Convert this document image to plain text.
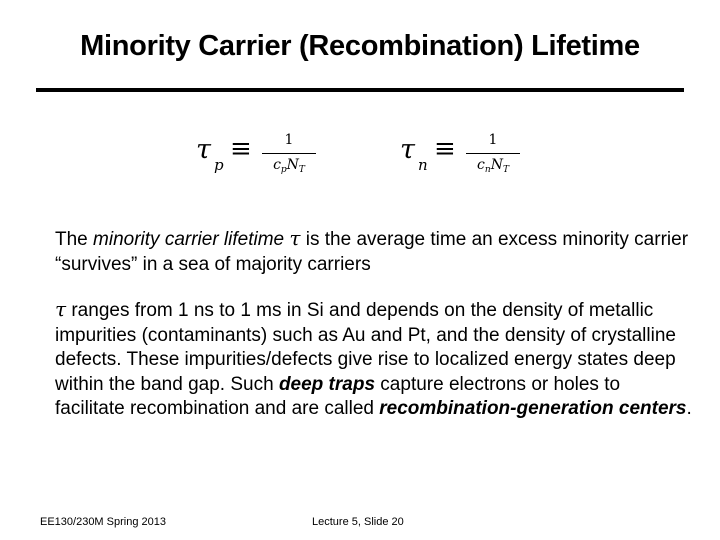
Minority Carrier (Recombination) Lifetime
τ p
≡	1
$c_pN_T$
τ n
≡	1
$c_nN_T$
The minority carrier lifetime τ is the average time an excess minority carrier “survives” in a sea of majority carriers
τ ranges from 1 ns to 1 ms in Si and depends on the density of metallic impurities (contaminants) such as Au and Pt, and the density of crystalline defects. These impurities/defects give rise to localized energy states deep within the band gap. Such deep traps capture electrons or holes to facilitate recombination and are called recombination-generation centers.
EE130/230M Spring 2013	Lecture 5, Slide 20
